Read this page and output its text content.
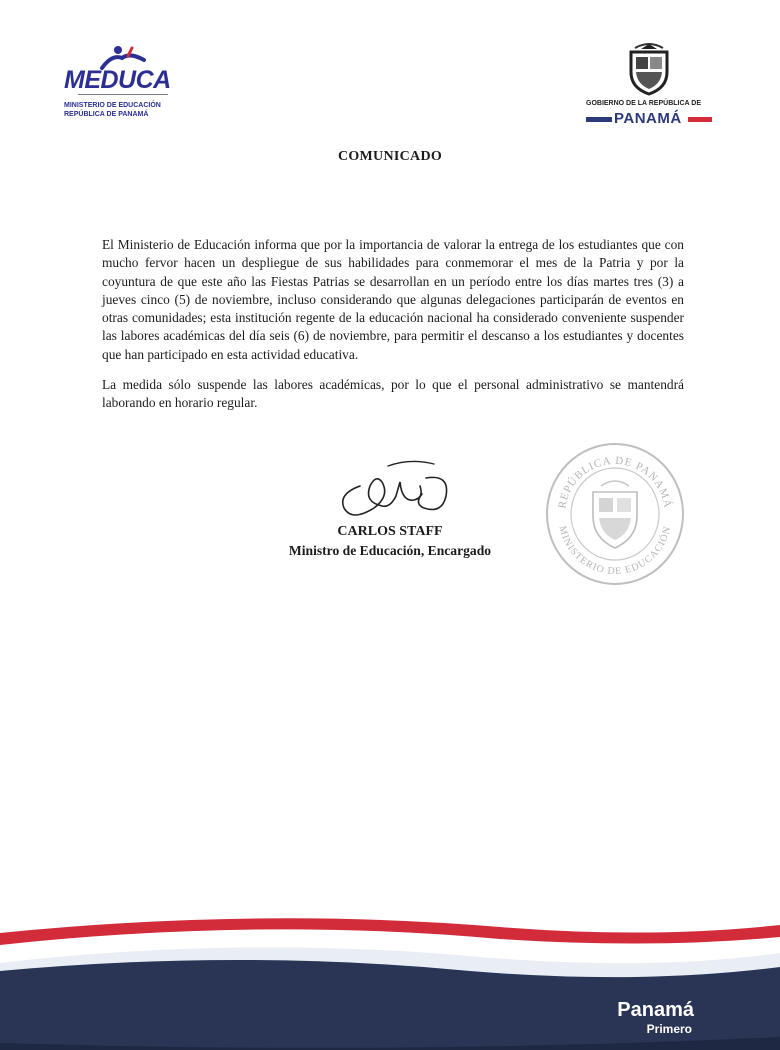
MEDUCA
MINISTERIO DE EDUCACIÓN
REPÚBLICA DE PANAMÁ
GOBIERNO DE LA REPÚBLICA DE
PANAMÁ
COMUNICADO

El Ministerio de Educación informa que por la importancia de valorar la entrega de los estudiantes que con mucho fervor hacen un despliegue de sus habilidades para conmemorar el mes de la Patria y por la coyuntura de que este año las Fiestas Patrias se desarrollan en un período entre los días martes tres (3) a jueves cinco (5) de noviembre, incluso considerando que algunas delegaciones participarán de eventos en otras comunidades; esta institución regente de la educación nacional ha considerado conveniente suspender las labores académicas del día seis (6) de noviembre, para permitir el descanso a los estudiantes y docentes que han participado en esta actividad educativa.

La medida sólo suspende las labores académicas, por lo que el personal administrativo se mantendrá laborando en horario regular.

CARLOS STAFF
Ministro de Educación, Encargado
REPÚBLICA DE PANAMÁ
MINISTERIO DE EDUCACIÓN
Panamá
Primero
